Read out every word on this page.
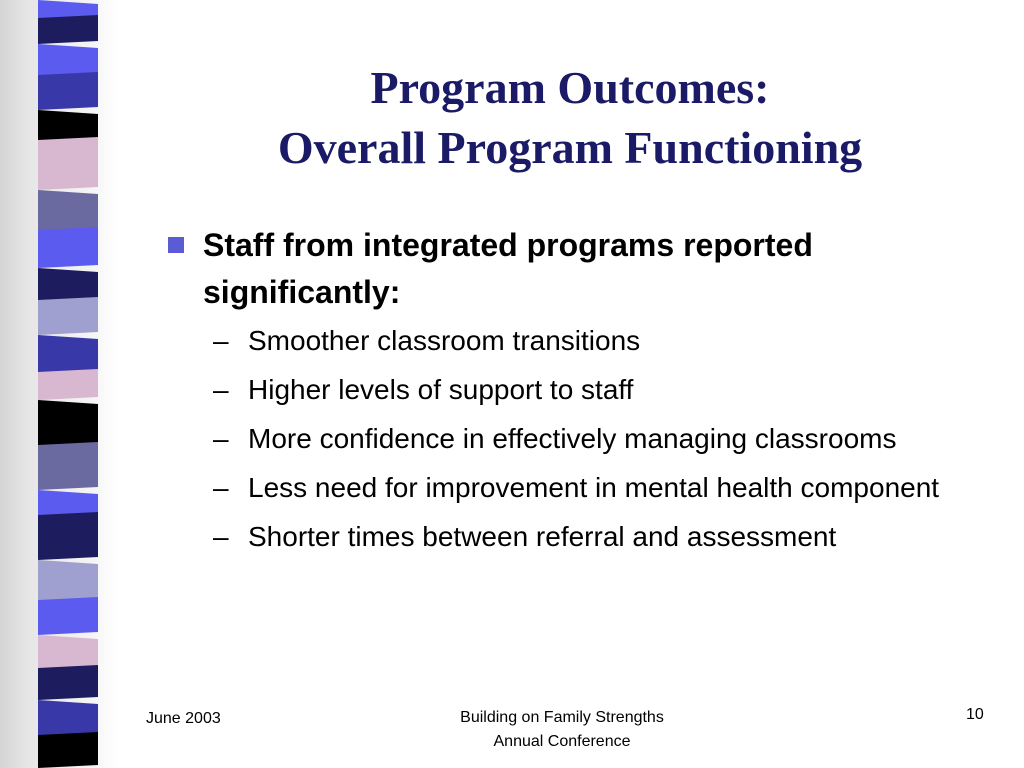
Program Outcomes:
Overall Program Functioning
Staff from integrated programs reported significantly:
– Smoother classroom transitions
– Higher levels of support to staff
– More confidence in effectively managing classrooms
– Less need for improvement in mental health component
– Shorter times between referral and assessment
June 2003	Building on Family Strengths
Annual Conference
10
